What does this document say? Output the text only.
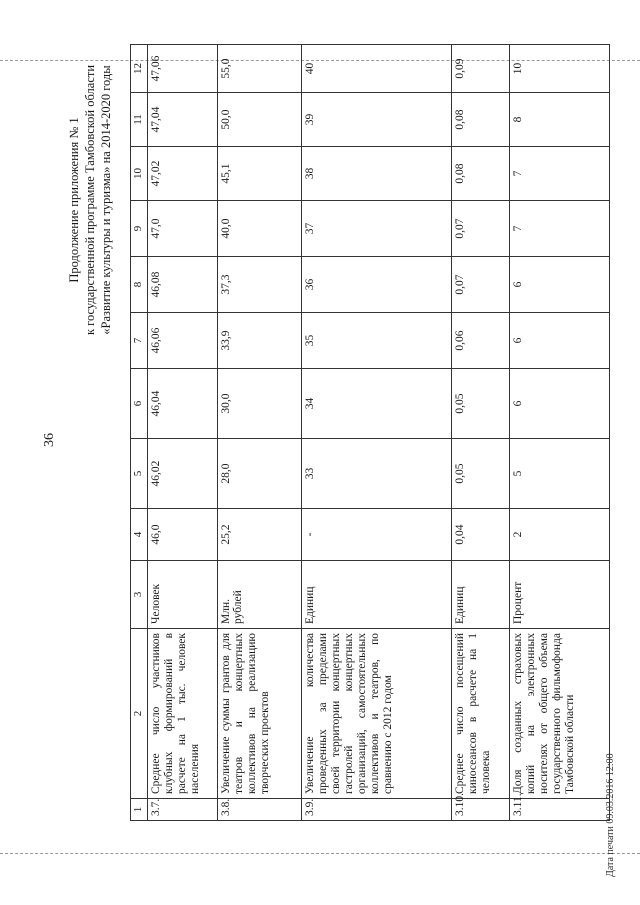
36
Продолжение приложения № 1 к государственной программе Тамбовской области «Развитие культуры и туризма» на 2014-2020 годы
1	2	3	4	5	6	7	8	9	10	11	12
3.7.	Среднее число участников клубных формирований в расчете на 1 тыс. человек населения	Человек	46,0	46,02	46,04	46,06	46,08	47,0	47,02	47,04	47,06
3.8.	Увеличение суммы грантов для театров и концертных коллективов на реализацию творческих проектов	Млн. рублей	25,2	28,0	30,0	33,9	37,3	40,0	45,1	50,0	55,0
3.9.	Увеличение количества проведенных за пределами своей территории концертных гастролей концертных организаций, самостоятельных коллективов и театров, по сравнению с 2012 годом	Единиц	-	33	34	35	36	37	38	39	40
3.10.	Среднее число посещений киносеансов в расчете на 1 человека	Единиц	0,04	0,05	0,05	0,06	0,07	0,07	0,08	0,08	0,09
3.11.	Доля созданных страховых копий на электронных носителях от общего объема государственного фильмофонда Тамбовской области	Процент	2	5	6	6	6	7	7	8	10
Дата печати 09.03.2016 12:00
